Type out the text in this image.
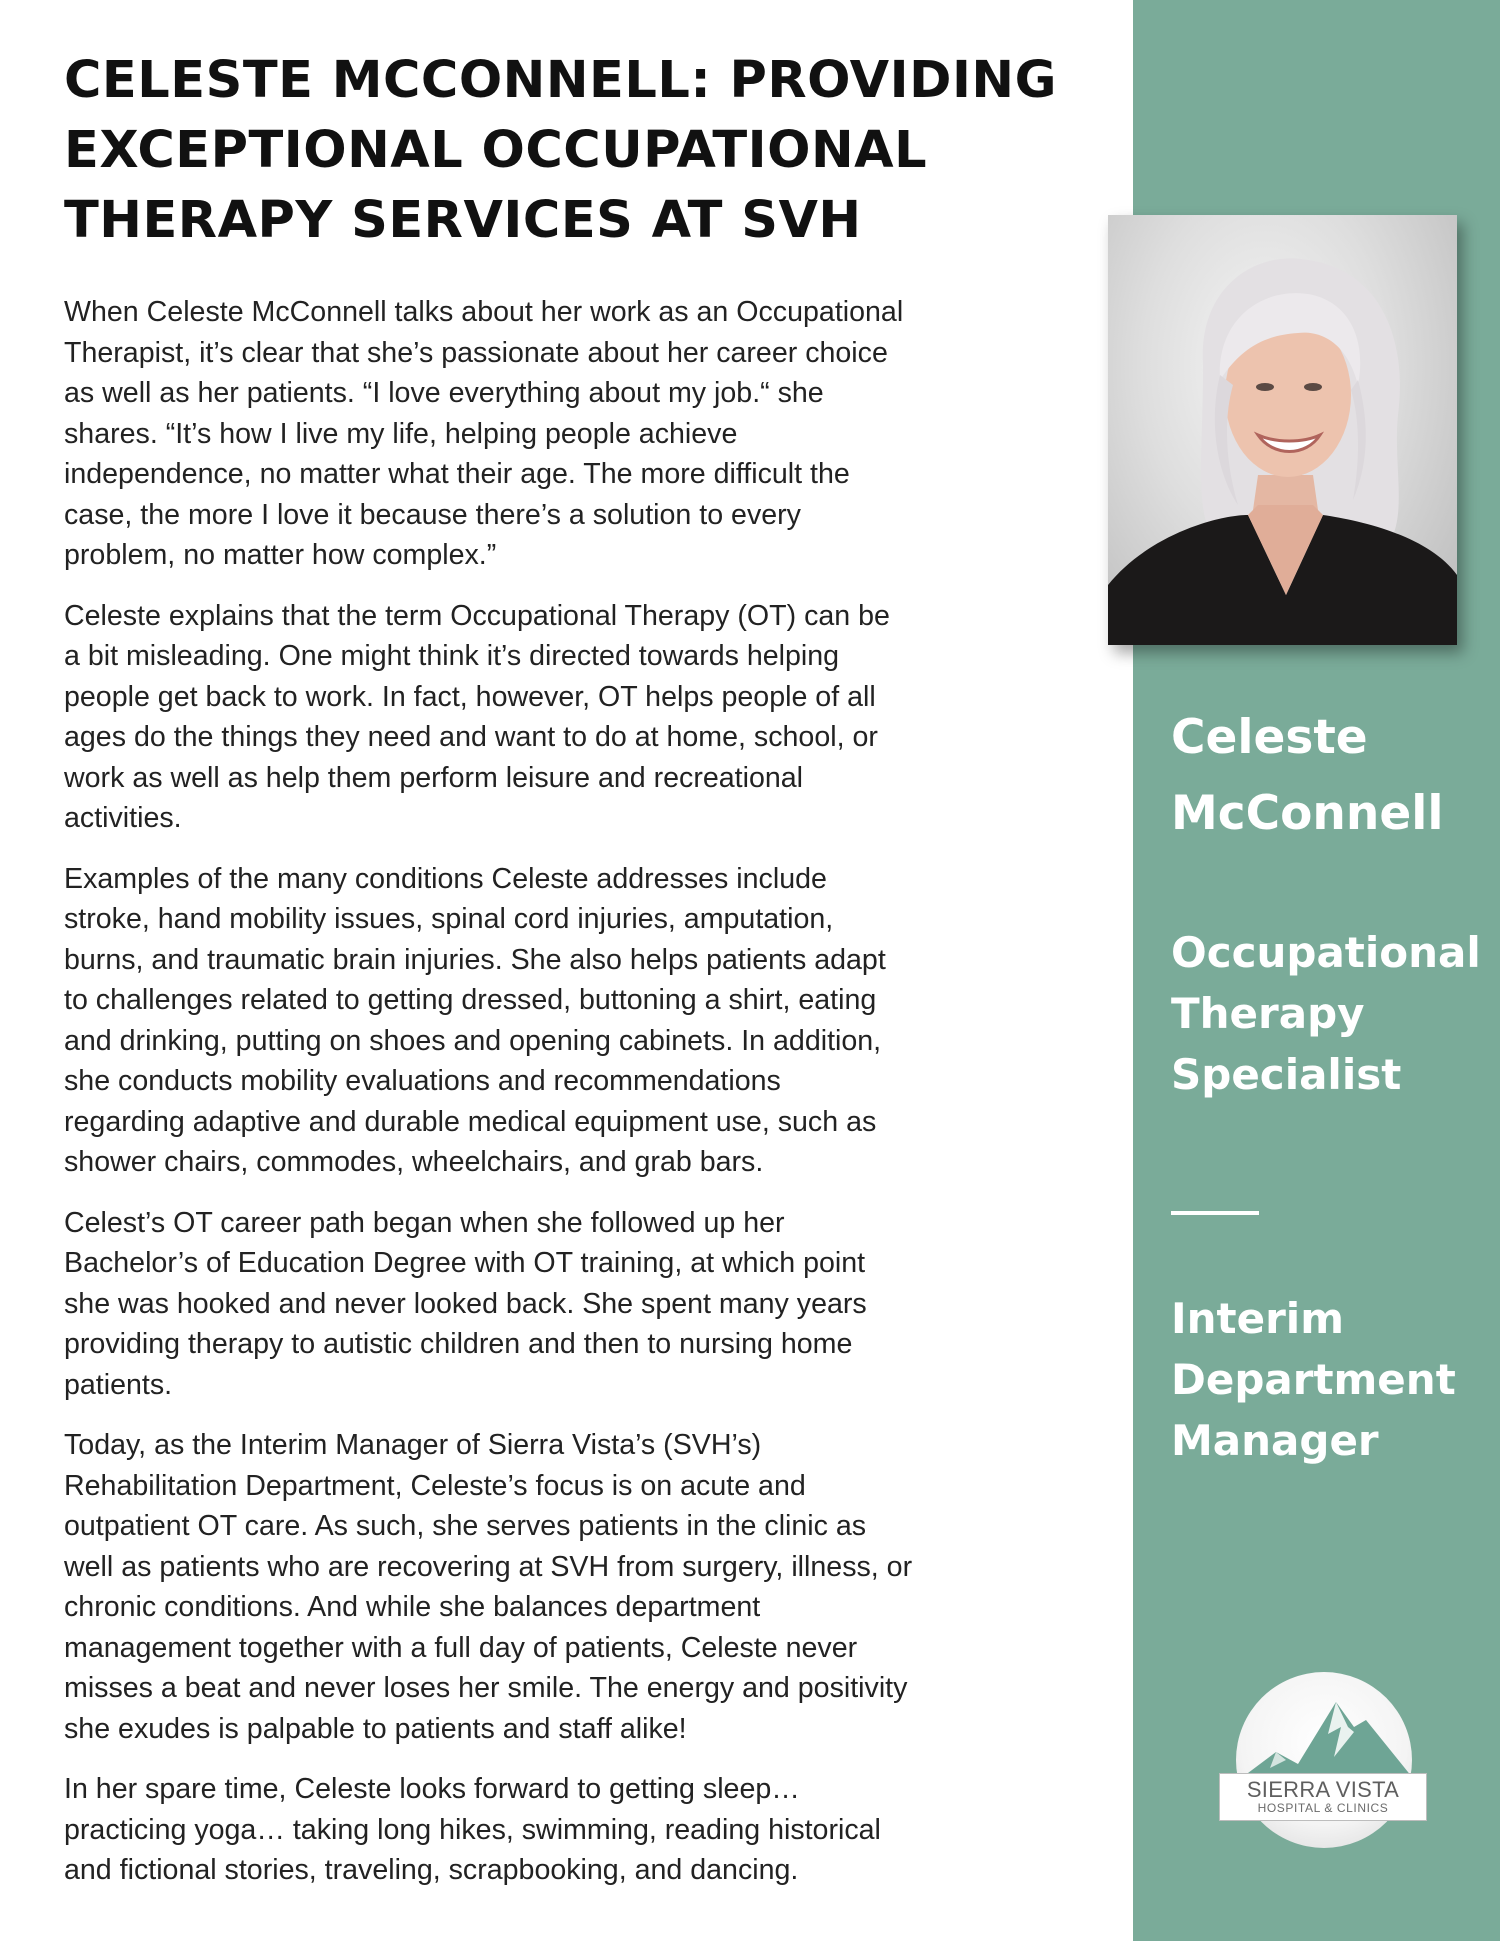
CELESTE MCCONNELL: PROVIDING
EXCEPTIONAL OCCUPATIONAL
THERAPY SERVICES AT SVH

When Celeste McConnell talks about her work as an Occupational
Therapist, it’s clear that she’s passionate about her career choice
as well as her patients. “I love everything about my job.“ she
shares. “It’s how I live my life, helping people achieve
independence, no matter what their age. The more difficult the
case, the more I love it because there’s a solution to every
problem, no matter how complex.”

Celeste explains that the term Occupational Therapy (OT) can be
a bit misleading. One might think it’s directed towards helping
people get back to work. In fact, however, OT helps people of all
ages do the things they need and want to do at home, school, or
work as well as help them perform leisure and recreational
activities.

Examples of the many conditions Celeste addresses include
stroke, hand mobility issues, spinal cord injuries, amputation,
burns, and traumatic brain injuries. She also helps patients adapt
to challenges related to getting dressed, buttoning a shirt, eating
and drinking, putting on shoes and opening cabinets. In addition,
she conducts mobility evaluations and recommendations
regarding adaptive and durable medical equipment use, such as
shower chairs, commodes, wheelchairs, and grab bars.

Celest’s OT career path began when she followed up her
Bachelor’s of Education Degree with OT training, at which point
she was hooked and never looked back. She spent many years
providing therapy to autistic children and then to nursing home
patients.

Today, as the Interim Manager of Sierra Vista’s (SVH’s)
Rehabilitation Department, Celeste’s focus is on acute and
outpatient OT care. As such, she serves patients in the clinic as
well as patients who are recovering at SVH from surgery, illness, or
chronic conditions. And while she balances department
management together with a full day of patients, Celeste never
misses a beat and never loses her smile. The energy and positivity
she exudes is palpable to patients and staff alike!

In her spare time, Celeste looks forward to getting sleep…
practicing yoga… taking long hikes, swimming, reading historical
and fictional stories, traveling, scrapbooking, and dancing.

Celeste
McConnell
Occupational
Therapy
Specialist
Interim
Department
Manager
SIERRA VISTA
HOSPITAL & CLINICS
